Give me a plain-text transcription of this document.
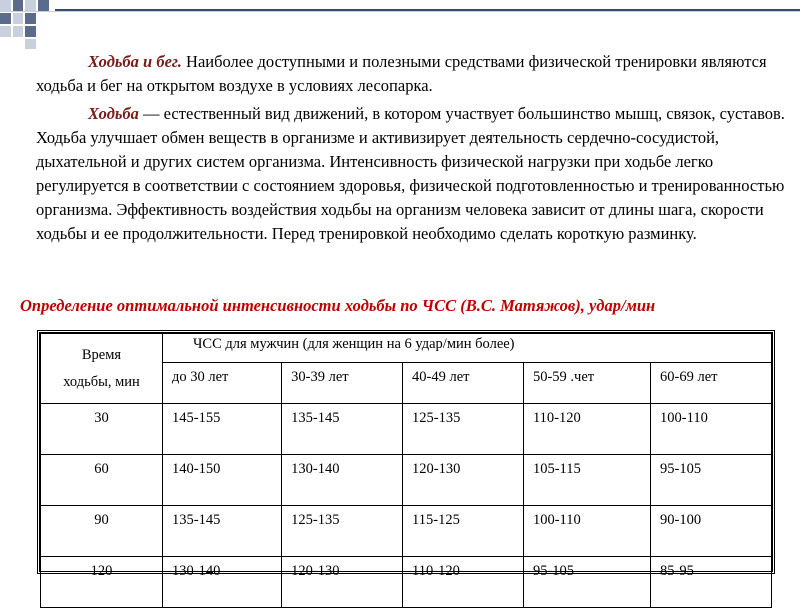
Ходьба и бег. Наиболее доступными и полезными средствами физической тренировки являются ходьба и бег на открытом воздухе в условиях лесопарка.

Ходьба — естественный вид движений, в котором участвует большинство мышц, связок, суставов. Ходьба улучшает обмен веществ в организме и активизирует деятельность сердечно-сосудистой, дыхательной и других систем организма. Интенсивность физической нагрузки при ходьбе легко регулируется в соответствии с состоянием здоровья, физической подготовленностью и тренированностью организма. Эффективность воздействия ходьбы на организм человека зависит от длины шага, скорости ходьбы и ее продолжительности. Перед тренировкой необходимо сделать короткую разминку.

Определение оптимальной интенсивности ходьбы по ЧСС (В.С. Матяжов), удар/мин
Время
ходьбы, мин	ЧСС для мужчин (для женщин на 6 удар/мин более)				
	до 30 лет	30-39 лет	40-49 лет	50-59 .чет	60-69 лет
30	145-155	135-145	125-135	110-120	100-110
60	140-150	130-140	120-130	105-115	95-105
90	135-145	125-135	115-125	100-110	90-100
120	130-140	120-130	110-120	95-105	85-95
